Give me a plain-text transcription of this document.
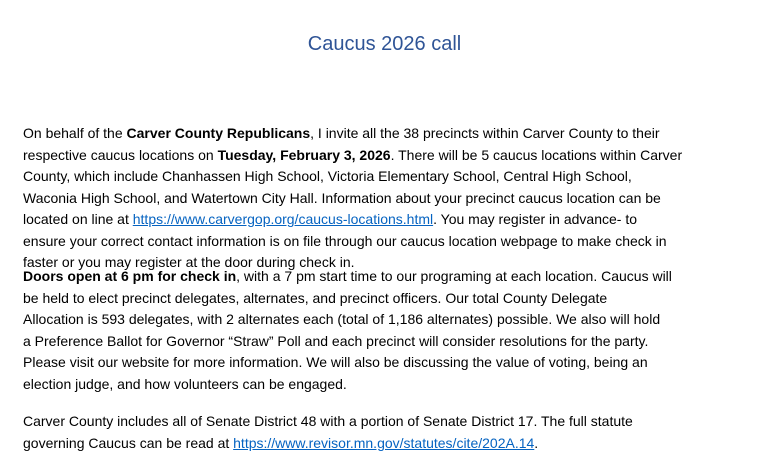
Caucus 2026 call
On behalf of the Carver County Republicans, I invite all the 38 precincts within Carver County to their
respective caucus locations on Tuesday, February 3, 2026. There will be 5 caucus locations within Carver
County, which include Chanhassen High School, Victoria Elementary School, Central High School,
Waconia High School, and Watertown City Hall. Information about your precinct caucus location can be
located on line at https://www.carvergop.org/caucus-locations.html. You may register in advance- to
ensure your correct contact information is on file through our caucus location webpage to make check in
faster or you may register at the door during check in.
Doors open at 6 pm for check in, with a 7 pm start time to our programing at each location. Caucus will
be held to elect precinct delegates, alternates, and precinct officers. Our total County Delegate
Allocation is 593 delegates, with 2 alternates each (total of 1,186 alternates) possible. We also will hold
a Preference Ballot for Governor “Straw” Poll and each precinct will consider resolutions for the party.
Please visit our website for more information. We will also be discussing the value of voting, being an
election judge, and how volunteers can be engaged.
Carver County includes all of Senate District 48 with a portion of Senate District 17. The full statute
governing Caucus can be read at https://www.revisor.mn.gov/statutes/cite/202A.14.
